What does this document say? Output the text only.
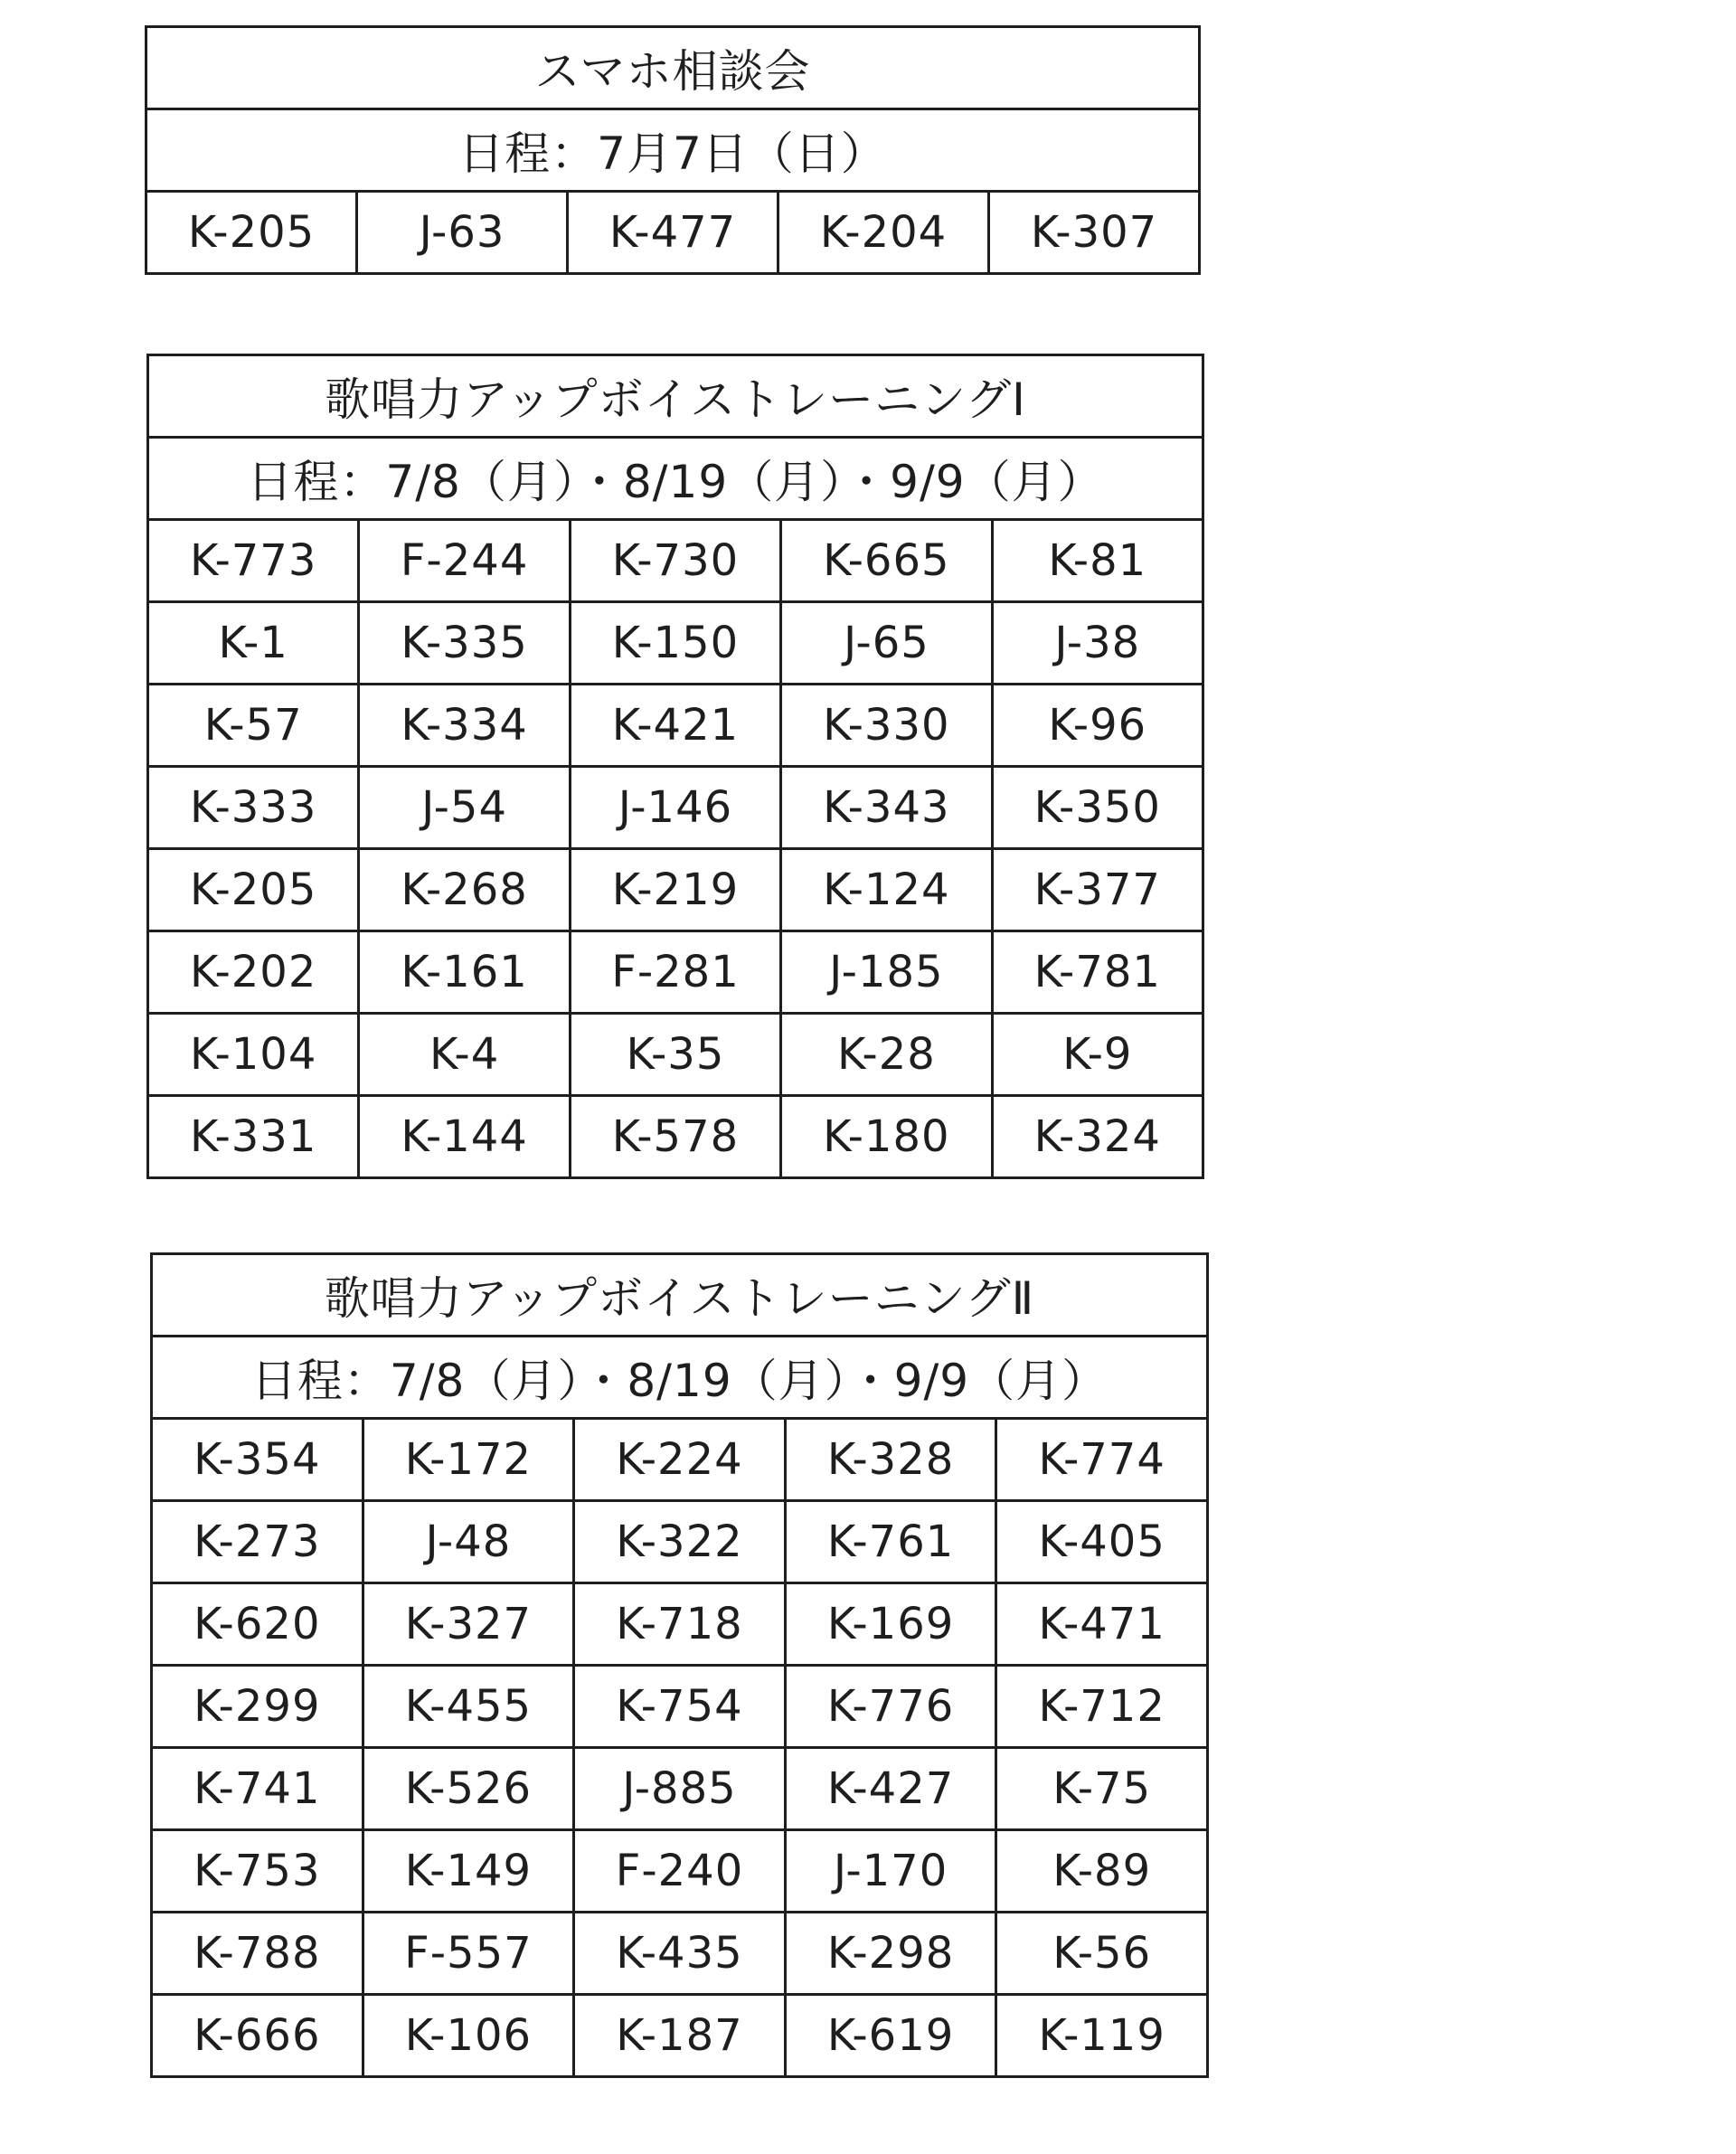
スマホ相談会
日程：7月7日（日）
K-205	J-63	K-477	K-204	K-307
歌唱力アップボイストレーニングⅠ				
日程：7/8（月）・8/19（月）・9/9（月）				
K-773	F-244	K-730	K-665	K-81
K-1	K-335	K-150	J-65	J-38
K-57	K-334	K-421	K-330	K-96
K-333	J-54	J-146	K-343	K-350
K-205	K-268	K-219	K-124	K-377
K-202	K-161	F-281	J-185	K-781
K-104	K-4	K-35	K-28	K-9
K-331	K-144	K-578	K-180	K-324
歌唱力アップボイストレーニングⅡ				
日程：7/8（月）・8/19（月）・9/9（月）				
K-354	K-172	K-224	K-328	K-774
K-273	J-48	K-322	K-761	K-405
K-620	K-327	K-718	K-169	K-471
K-299	K-455	K-754	K-776	K-712
K-741	K-526	J-885	K-427	K-75
K-753	K-149	F-240	J-170	K-89
K-788	F-557	K-435	K-298	K-56
K-666	K-106	K-187	K-619	K-119
